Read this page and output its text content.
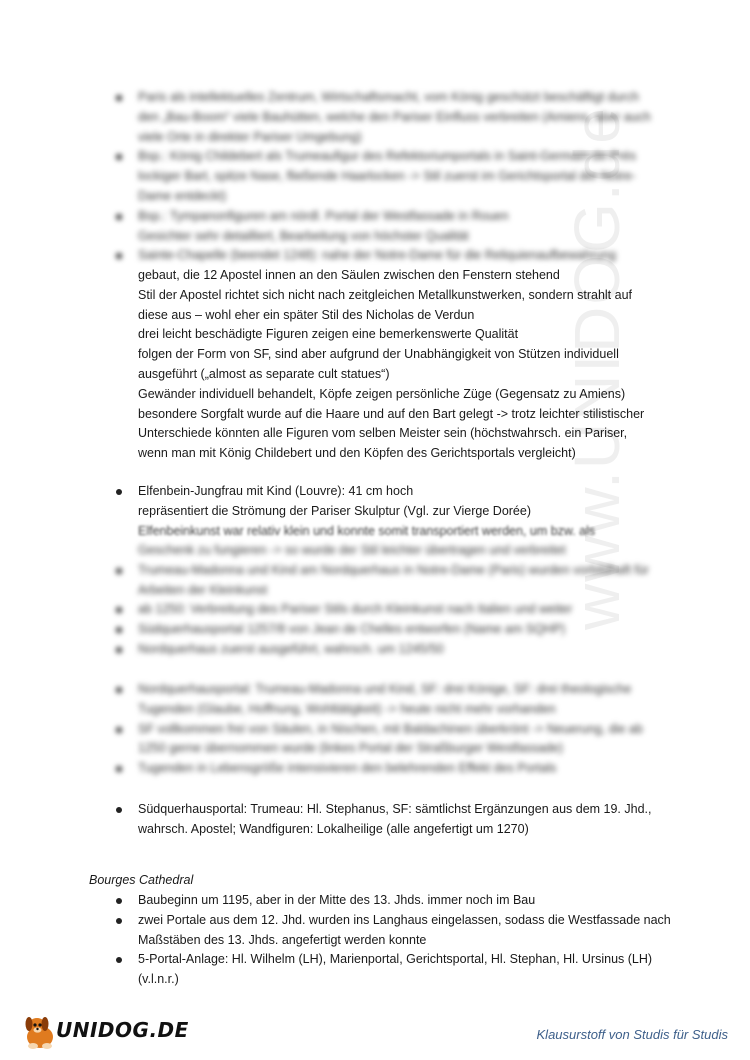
www.UNIDOG.de
Paris als intellektuelles Zentrum, Wirtschaftsmacht, vom König geschützt beschäftigt durch
den „Bau-Boom“ viele Bauhütten, welche den Pariser Einfluss verbreiten (Amiens, aber auch
viele Orte in direkter Pariser Umgebung)
Bsp.: König Childebert als Trumeaufigur des Refektoriumportals in Saint-Germain-de-Prés
lockiger Bart, spitze Nase, fließende Haarlocken -> Stil zuerst im Gerichtsportal der Notre-
Dame entdeckt)
Bsp.: Tympanonfiguren am nördl. Portal der Westfassade in Rouen
Gesichter sehr detailliert, Bearbeitung von höchster Qualität
Sainte-Chapelle (beendet 1248): nahe der Notre-Dame für die Reliquienaufbewahrung
gebaut, die 12 Apostel innen an den Säulen zwischen den Fenstern stehend
Stil der Apostel richtet sich nicht nach zeitgleichen Metallkunstwerken, sondern strahlt auf
diese aus – wohl eher ein später Stil des Nicholas de Verdun
drei leicht beschädigte Figuren zeigen eine bemerkenswerte Qualität
folgen der Form von SF, sind aber aufgrund der Unabhängigkeit von Stützen individuell
ausgeführt („almost as separate cult statues“)
Gewänder individuell behandelt, Köpfe zeigen persönliche Züge (Gegensatz zu Amiens)
besondere Sorgfalt wurde auf die Haare und auf den Bart gelegt -> trotz leichter stilistischer
Unterschiede könnten alle Figuren vom selben Meister sein (höchstwahrsch. ein Pariser,
wenn man mit König Childebert und den Köpfen des Gerichtsportals vergleicht)
Elfenbein-Jungfrau mit Kind (Louvre): 41 cm hoch
repräsentiert die Strömung der Pariser Skulptur (Vgl. zur Vierge Dorée)
Elfenbeinkunst war relativ klein und konnte somit transportiert werden, um bzw. als
Geschenk zu fungieren -> so wurde der Stil leichter übertragen und verbreitet
Trumeau-Madonna und Kind am Nordquerhaus in Notre-Dame (Paris) wurden vorbildhaft für
Arbeiten der Kleinkunst
ab 1250: Verbreitung des Pariser Stils durch Kleinkunst nach Italien und weiter
Südquerhausportal 1257/8 von Jean de Chelles entworfen (Name am SQHP)
Nordquerhaus zuerst ausgeführt, wahrsch. um 1245/50
Nordquerhausportal: Trumeau-Madonna und Kind, SF: drei Könige, SF: drei theologische
Tugenden (Glaube, Hoffnung, Wohltätigkeit) -> heute nicht mehr vorhanden
SF vollkommen frei von Säulen, in Nischen, mit Baldachinen überkrönt -> Neuerung, die ab
1250 gerne übernommen wurde (linkes Portal der Straßburger Westfassade)
Tugenden in Lebensgröße intensivieren den belehrenden Effekt des Portals
Südquerhausportal: Trumeau: Hl. Stephanus, SF: sämtlichst Ergänzungen aus dem 19. Jhd.,
wahrsch. Apostel; Wandfiguren: Lokalheilige (alle angefertigt um 1270)
Bourges Cathedral
Baubeginn um 1195, aber in der Mitte des 13. Jhds. immer noch im Bau
zwei Portale aus dem 12. Jhd. wurden ins Langhaus eingelassen, sodass die Westfassade nach
Maßstäben des 13. Jhds. angefertigt werden konnte
5-Portal-Anlage: Hl. Wilhelm (LH), Marienportal, Gerichtsportal, Hl. Stephan, Hl. Ursinus (LH)
(v.l.n.r.)
UNIDOG.DE	Klausurstoff von Studis für Studis
